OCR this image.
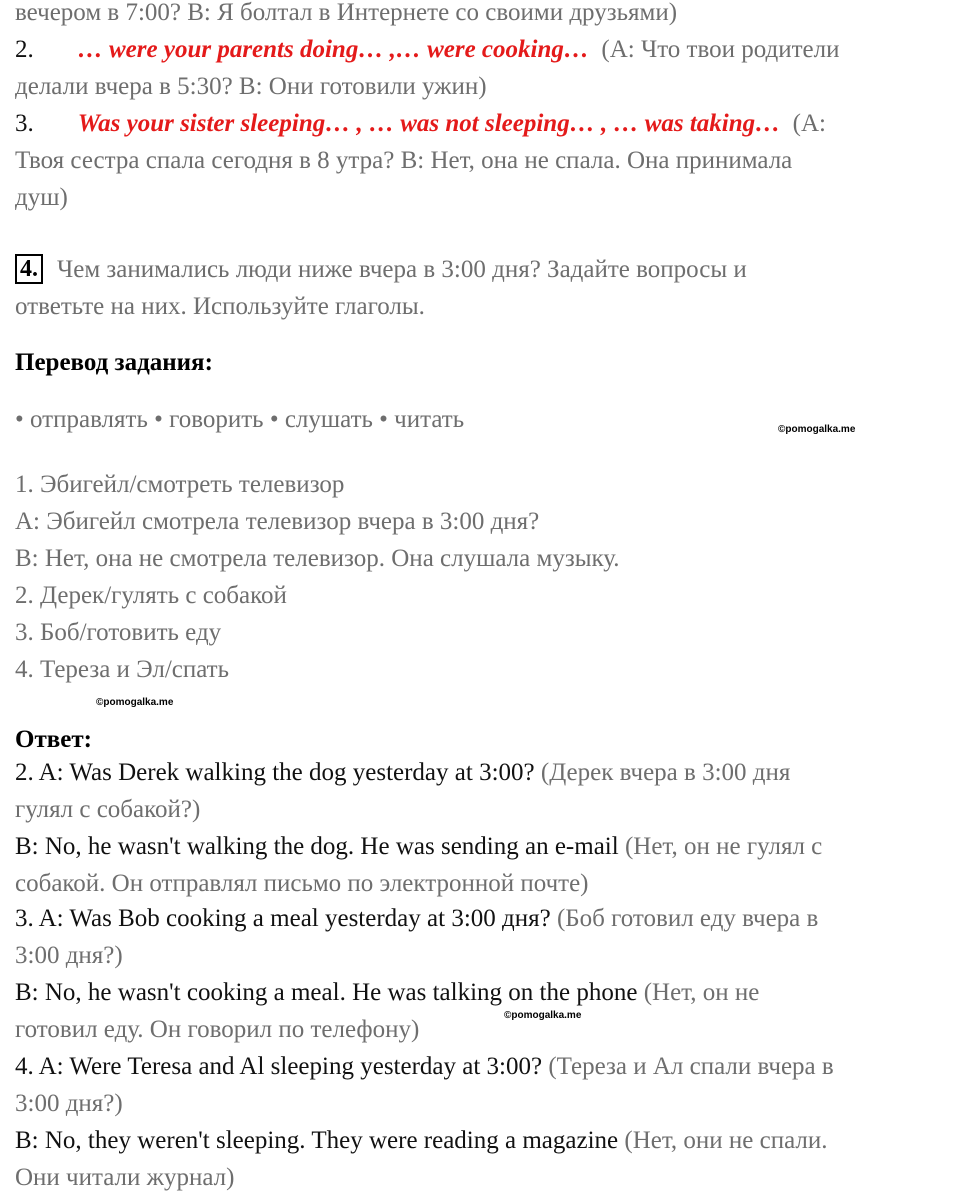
вечером в 7:00? B: Я болтал в Интернете со своими друзьями)

2. … were your parents doing… ,… were cooking… (A: Что твои родители

делали вчера в 5:30? B: Они готовили ужин)

3. Was your sister sleeping… , … was not sleeping… , … was taking… (A:

Твоя сестра спала сегодня в 8 утра? B: Нет, она не спала. Она принимала

душ)

4. Чем занимались люди ниже вчера в 3:00 дня? Задайте вопросы и

ответьте на них. Используйте глаголы.

Перевод задания:

• отправлять • говорить • слушать • читать	©pomogalka.me

1. Эбигейл/смотреть телевизор

A: Эбигейл смотрела телевизор вчера в 3:00 дня?

B: Нет, она не смотрела телевизор. Она слушала музыку.

2. Дерек/гулять с собакой

3. Боб/готовить еду

4. Тереза и Эл/спать

©pomogalka.me
Ответ:

2. A: Was Derek walking the dog yesterday at 3:00? (Дерек вчера в 3:00 дня

гулял с собакой?)

B: No, he wasn't walking the dog. He was sending an e-mail (Нет, он не гулял с

собакой. Он отправлял письмо по электронной почте)

3. A: Was Bob cooking a meal yesterday at 3:00 дня? (Боб готовил еду вчера в

3:00 дня?)

B: No, he wasn't cooking a meal. He was talking on the phone (Нет, он не

готовил еду. Он говорил по телефону)

©pomogalka.me

4. A: Were Teresa and Al sleeping yesterday at 3:00? (Тереза и Ал спали вчера в

3:00 дня?)

B: No, they weren't sleeping. They were reading a magazine (Нет, они не спали.

Они читали журнал)
